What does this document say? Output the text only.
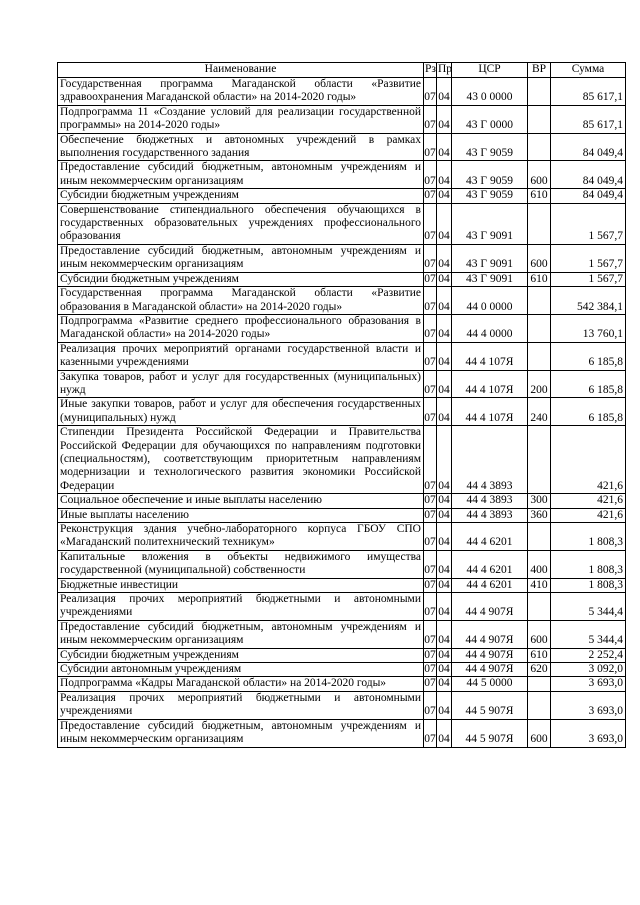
Наименование	Рз	Пр	ЦСР	ВР	Сумма
Государственная программа Магаданской области «Развитие здравоохранения Магаданской области» на 2014-2020 годы»	07	04	43 0 0000		85 617,1
Подпрограмма 11 «Создание условий для реализации государственной программы» на 2014-2020 годы»	07	04	43 Г 0000		85 617,1
Обеспечение бюджетных и автономных учреждений в рамках выполнения государственного задания	07	04	43 Г 9059		84 049,4
Предоставление субсидий бюджетным, автономным учреждениям и иным некоммерческим организациям	07	04	43 Г 9059	600	84 049,4
Субсидии бюджетным учреждениям	07	04	43 Г 9059	610	84 049,4
Совершенствование стипендиального обеспечения обучающихся в государственных образовательных учреждениях профессионального образования	07	04	43 Г 9091		1 567,7
Предоставление субсидий бюджетным, автономным учреждениям и иным некоммерческим организациям	07	04	43 Г 9091	600	1 567,7
Субсидии бюджетным учреждениям	07	04	43 Г 9091	610	1 567,7
Государственная программа Магаданской области «Развитие образования в Магаданской области» на 2014-2020 годы»	07	04	44 0 0000		542 384,1
Подпрограмма «Развитие среднего профессионального образования в Магаданской области» на 2014-2020 годы»	07	04	44 4 0000		13 760,1
Реализация прочих мероприятий органами государственной власти и казенными учреждениями	07	04	44 4 107Я		6 185,8
Закупка товаров, работ и услуг для государственных (муниципальных) нужд	07	04	44 4 107Я	200	6 185,8
Иные закупки товаров, работ и услуг для обеспечения государственных (муниципальных) нужд	07	04	44 4 107Я	240	6 185,8
Стипендии Президента Российской Федерации и Правительства Российской Федерации для обучающихся по направлениям подготовки (специальностям), соответствующим приоритетным направлениям модернизации и технологического развития экономики Российской Федерации	07	04	44 4 3893		421,6
Социальное обеспечение и иные выплаты населению	07	04	44 4 3893	300	421,6
Иные выплаты населению	07	04	44 4 3893	360	421,6
Реконструкция здания учебно-лабораторного корпуса ГБОУ СПО «Магаданский политехнический техникум»	07	04	44 4 6201		1 808,3
Капитальные вложения в объекты недвижимого имущества государственной (муниципальной) собственности	07	04	44 4 6201	400	1 808,3
Бюджетные инвестиции	07	04	44 4 6201	410	1 808,3
Реализация прочих мероприятий бюджетными и автономными учреждениями	07	04	44 4 907Я		5 344,4
Предоставление субсидий бюджетным, автономным учреждениям и иным некоммерческим организациям	07	04	44 4 907Я	600	5 344,4
Субсидии бюджетным учреждениям	07	04	44 4 907Я	610	2 252,4
Субсидии автономным учреждениям	07	04	44 4 907Я	620	3 092,0
Подпрограмма «Кадры Магаданской области» на 2014-2020 годы»	07	04	44 5 0000		3 693,0
Реализация прочих мероприятий бюджетными и автономными учреждениями	07	04	44 5 907Я		3 693,0
Предоставление субсидий бюджетным, автономным учреждениям и иным некоммерческим организациям	07	04	44 5 907Я	600	3 693,0
